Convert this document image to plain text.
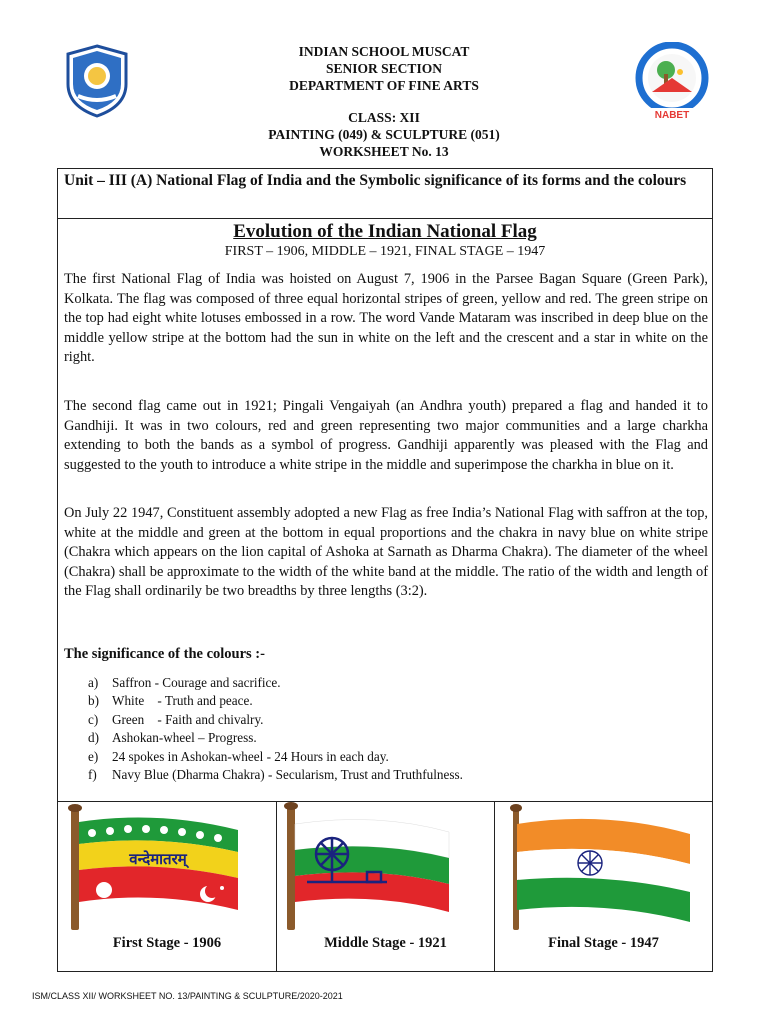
INDIAN SCHOOL MUSCAT
SENIOR SECTION
DEPARTMENT OF FINE ARTS
CLASS: XII
PAINTING (049) & SCULPTURE (051)
WORKSHEET No. 13
NABET
Unit – III (A) National Flag of India and the Symbolic significance of its forms and the colours
Evolution of the Indian National Flag
FIRST – 1906, MIDDLE – 1921, FINAL STAGE – 1947
The first National Flag of India was hoisted on August 7, 1906 in the Parsee Bagan Square (Green Park), Kolkata. The flag was composed of three equal horizontal stripes of green, yellow and red. The green stripe on the top had eight white lotuses embossed in a row. The word Vande Mataram was inscribed in deep blue on the middle yellow stripe at the bottom had the sun in white on the left and the crescent and a star in white on the right.
The second flag came out in 1921; Pingali Vengaiyah (an Andhra youth) prepared a flag and handed it to Gandhiji. It was in two colours, red and green representing two major communities and a large charkha extending to both the bands as a symbol of progress. Gandhiji apparently was pleased with the Flag and suggested to the youth to introduce a white stripe in the middle and superimpose the charkha in blue on it.
On July 22 1947, Constituent assembly adopted a new Flag as free India’s National Flag with saffron at the top, white at the middle and green at the bottom in equal proportions and the chakra in navy blue on white stripe (Chakra which appears on the lion capital of Ashoka at Sarnath as Dharma Chakra). The diameter of the wheel (Chakra) shall be approximate to the width of the white band at the middle. The ratio of the width and length of the Flag shall ordinarily be two breadths by three lengths (3:2).
The significance of the colours :-
a) Saffron - Courage and sacrifice.
b) White    - Truth and peace.
c) Green    - Faith and chivalry.
d) Ashokan-wheel – Progress.
e) 24 spokes in Ashokan-wheel - 24 Hours in each day.
f) Navy Blue (Dharma Chakra) - Secularism, Trust and Truthfulness.
वन्देमातरम्
First Stage - 1906	Middle Stage - 1921	Final Stage - 1947
ISM/CLASS XII/ WORKSHEET NO. 13/PAINTING & SCULPTURE/2020-2021
